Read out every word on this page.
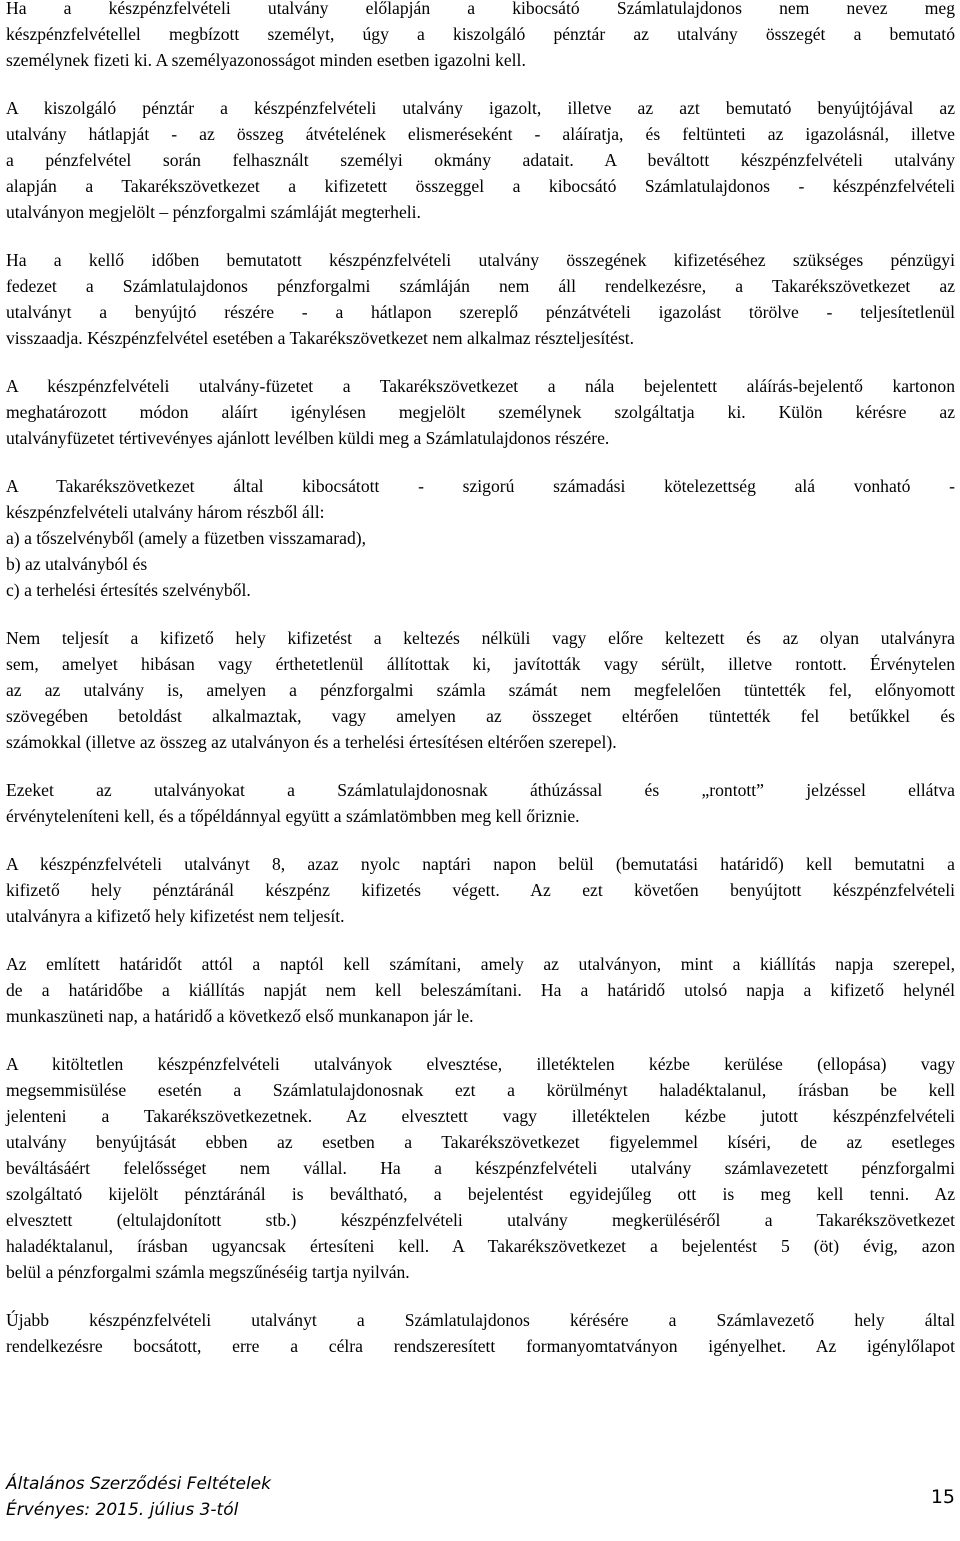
Ha a készpénzfelvételi utalvány előlapján a kibocsátó Számlatulajdonos nem nevez meg
készpénzfelvétellel megbízott személyt, úgy a kiszolgáló pénztár az utalvány összegét a bemutató
személynek fizeti ki. A személyazonosságot minden esetben igazolni kell.
A kiszolgáló pénztár a készpénzfelvételi utalvány igazolt, illetve az azt bemutató benyújtójával az
utalvány hátlapját - az összeg átvételének elismeréseként - aláíratja, és feltünteti az igazolásnál, illetve
a pénzfelvétel során felhasznált személyi okmány adatait. A beváltott készpénzfelvételi utalvány
alapján a Takarékszövetkezet a kifizetett összeggel a kibocsátó Számlatulajdonos - készpénzfelvételi
utalványon megjelölt – pénzforgalmi számláját megterheli.
Ha a kellő időben bemutatott készpénzfelvételi utalvány összegének kifizetéséhez szükséges pénzügyi
fedezet a Számlatulajdonos pénzforgalmi számláján nem áll rendelkezésre, a Takarékszövetkezet az
utalványt a benyújtó részére - a hátlapon szereplő pénzátvételi igazolást törölve - teljesítetlenül
visszaadja. Készpénzfelvétel esetében a Takarékszövetkezet nem alkalmaz részteljesítést.
A készpénzfelvételi utalvány-füzetet a Takarékszövetkezet a nála bejelentett aláírás-bejelentő kartonon
meghatározott módon aláírt igénylésen megjelölt személynek szolgáltatja ki. Külön kérésre az
utalványfüzetet tértivevényes ajánlott levélben küldi meg a Számlatulajdonos részére.
A Takarékszövetkezet által kibocsátott - szigorú számadási kötelezettség alá vonható -
készpénzfelvételi utalvány három részből áll:
a) a tőszelvényből (amely a füzetben visszamarad),
b) az utalványból és
c) a terhelési értesítés szelvényből.
Nem teljesít a kifizető hely kifizetést a keltezés nélküli vagy előre keltezett és az olyan utalványra
sem, amelyet hibásan vagy érthetetlenül állítottak ki, javították vagy sérült, illetve rontott. Érvénytelen
az az utalvány is, amelyen a pénzforgalmi számla számát nem megfelelően tüntették fel, előnyomott
szövegében betoldást alkalmaztak, vagy amelyen az összeget eltérően tüntették fel betűkkel és
számokkal (illetve az összeg az utalványon és a terhelési értesítésen eltérően szerepel).
Ezeket az utalványokat a Számlatulajdonosnak áthúzással és „rontott” jelzéssel ellátva
érvényteleníteni kell, és a tőpéldánnyal együtt a számlatömbben meg kell őriznie.
A készpénzfelvételi utalványt 8, azaz nyolc naptári napon belül (bemutatási határidő) kell bemutatni a
kifizető hely pénztáránál készpénz kifizetés végett. Az ezt követően benyújtott készpénzfelvételi
utalványra a kifizető hely kifizetést nem teljesít.
Az említett határidőt attól a naptól kell számítani, amely az utalványon, mint a kiállítás napja szerepel,
de a határidőbe a kiállítás napját nem kell beleszámítani. Ha a határidő utolsó napja a kifizető helynél
munkaszüneti nap, a határidő a következő első munkanapon jár le.
A kitöltetlen készpénzfelvételi utalványok elvesztése, illetéktelen kézbe kerülése (ellopása) vagy
megsemmisülése esetén a Számlatulajdonosnak ezt a körülményt haladéktalanul, írásban be kell
jelenteni a Takarékszövetkezetnek. Az elvesztett vagy illetéktelen kézbe jutott készpénzfelvételi
utalvány benyújtását ebben az esetben a Takarékszövetkezet figyelemmel kíséri, de az esetleges
beváltásáért felelősséget nem vállal. Ha a készpénzfelvételi utalvány számlavezetett pénzforgalmi
szolgáltató kijelölt pénztáránál is beváltható, a bejelentést egyidejűleg ott is meg kell tenni. Az
elvesztett (eltulajdonított stb.) készpénzfelvételi utalvány megkerüléséről a Takarékszövetkezet
haladéktalanul, írásban ugyancsak értesíteni kell. A Takarékszövetkezet a bejelentést 5 (öt) évig, azon
belül a pénzforgalmi számla megszűnéséig tartja nyilván.
Újabb készpénzfelvételi utalványt a Számlatulajdonos kérésére a Számlavezető hely által
rendelkezésre bocsátott, erre a célra rendszeresített formanyomtatványon igényelhet. Az igénylőlapot
Általános Szerződési Feltételek
Érvényes: 2015. július 3-tól
15
